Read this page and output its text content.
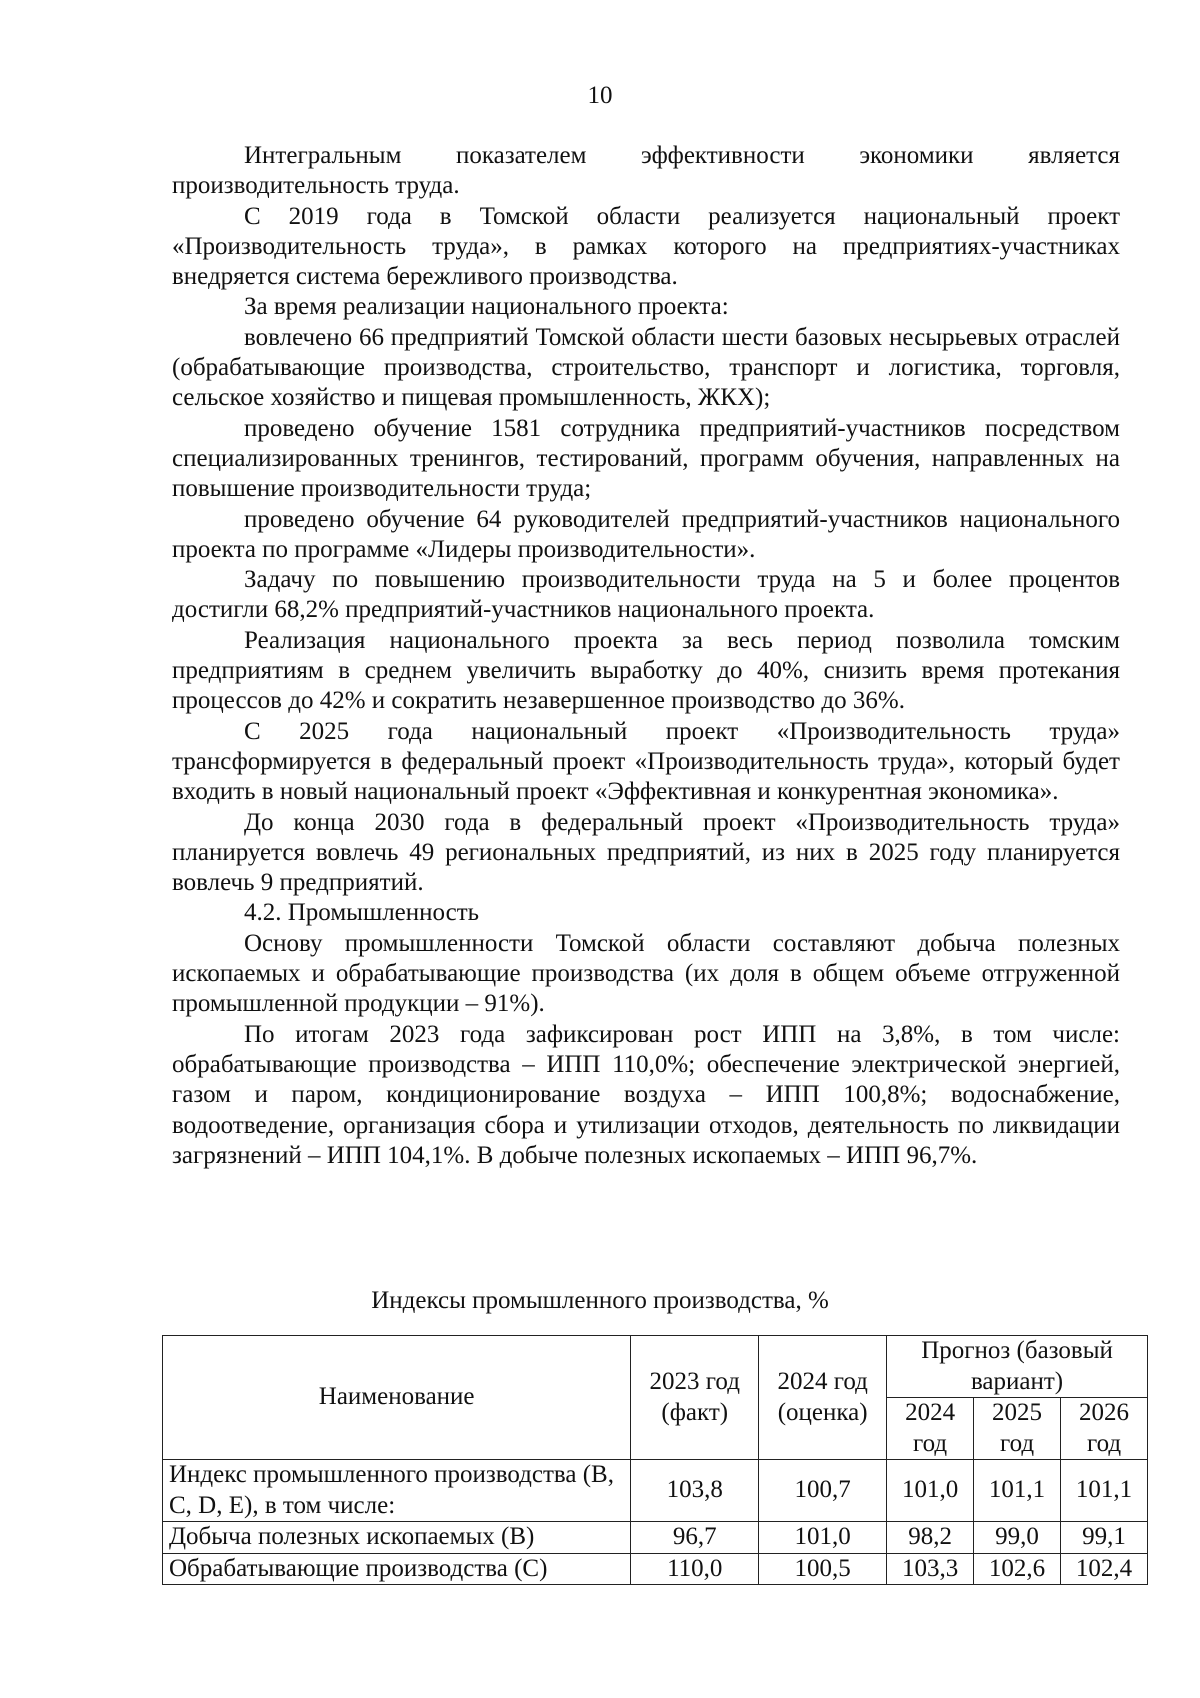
10

Интегральным показателем эффективности экономики является производительность труда.

С 2019 года в Томской области реализуется национальный проект «Производительность труда», в рамках которого на предприятиях-участниках внедряется система бережливого производства.

За время реализации национального проекта:

вовлечено 66 предприятий Томской области шести базовых несырьевых отраслей (обрабатывающие производства, строительство, транспорт и логистика, торговля, сельское хозяйство и пищевая промышленность, ЖКХ);

проведено обучение 1581 сотрудника предприятий-участников посредством специализированных тренингов, тестирований, программ обучения, направленных на повышение производительности труда;

проведено обучение 64 руководителей предприятий-участников национального проекта по программе «Лидеры производительности».

Задачу по повышению производительности труда на 5 и более процентов достигли 68,2% предприятий-участников национального проекта.

Реализация национального проекта за весь период позволила томским предприятиям в среднем увеличить выработку до 40%, снизить время протекания процессов до 42% и сократить незавершенное производство до 36%.

С 2025 года национальный проект «Производительность труда» трансформируется в федеральный проект «Производительность труда», который будет входить в новый национальный проект «Эффективная и конкурентная экономика».

До конца 2030 года в федеральный проект «Производительность труда» планируется вовлечь 49 региональных предприятий, из них в 2025 году планируется вовлечь 9 предприятий.

4.2. Промышленность

Основу промышленности Томской области составляют добыча полезных ископаемых и обрабатывающие производства (их доля в общем объеме отгруженной промышленной продукции – 91%).

По итогам 2023 года зафиксирован рост ИПП на 3,8%, в том числе: обрабатывающие производства – ИПП 110,0%; обеспечение электрической энергией, газом и паром, кондиционирование воздуха – ИПП 100,8%; водоснабжение, водоотведение, организация сбора и утилизации отходов, деятельность по ликвидации загрязнений – ИПП 104,1%. В добыче полезных ископаемых – ИПП 96,7%.

Индексы промышленного производства, %
Наименование	2023 год (факт)	2024 год (оценка)	Прогноз (базовый вариант)		
			2024 год	2025 год	2026 год
Индекс промышленного производства (B, C, D, E), в том числе:	103,8	100,7	101,0	101,1	101,1
Добыча полезных ископаемых (B)	96,7	101,0	98,2	99,0	99,1
Обрабатывающие производства (C)	110,0	100,5	103,3	102,6	102,4
